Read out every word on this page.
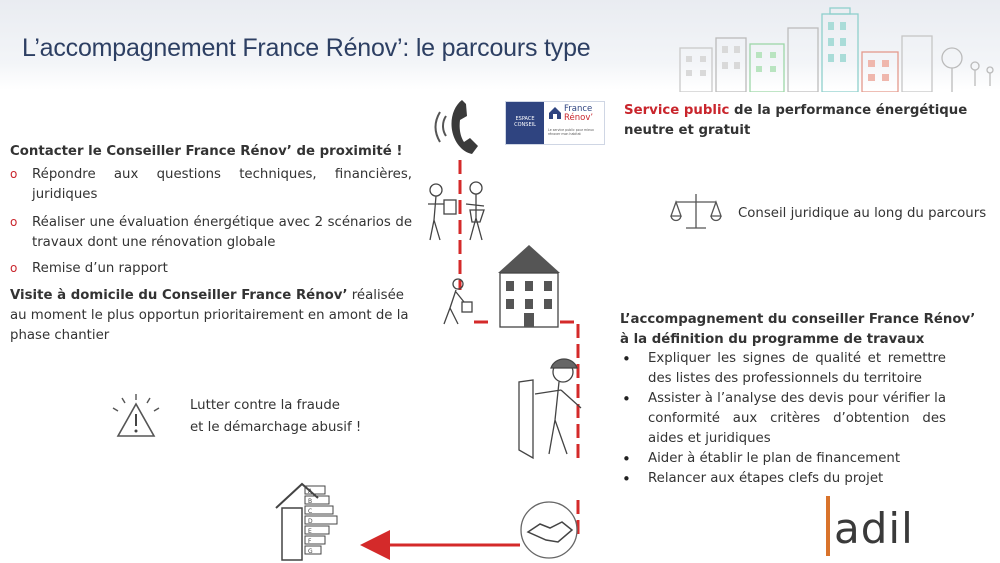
L’accompagnement France Rénov’: le parcours type
A
B
C
D
E
F
G
ESPACE
CONSEIL
France
Rénov’
Le service public pour mieux rénover mon habitat
Service public de la performance énergétique
neutre et gratuit
Conseil juridique au long du parcours
Contacter le Conseiller France Rénov’ de proximité !
o Répondre aux questions techniques, financières, juridiques
o Réaliser une évaluation énergétique avec 2 scénarios de travaux dont une rénovation globale
o Remise d’un rapport
Visite à domicile du Conseiller France Rénov’ réalisée au moment le plus opportun prioritairement en amont de la phase chantier
Lutter contre la fraude
et le démarchage abusif !
L’accompagnement du conseiller France Rénov’
à la définition du programme de travaux
• Expliquer les signes de qualité et remettre des listes des professionnels du territoire
• Assister à l’analyse des devis pour vérifier la conformité aux critères d’obtention des aides et juridiques
• Aider à établir le plan de financement
• Relancer aux étapes clefs du projet
adil
